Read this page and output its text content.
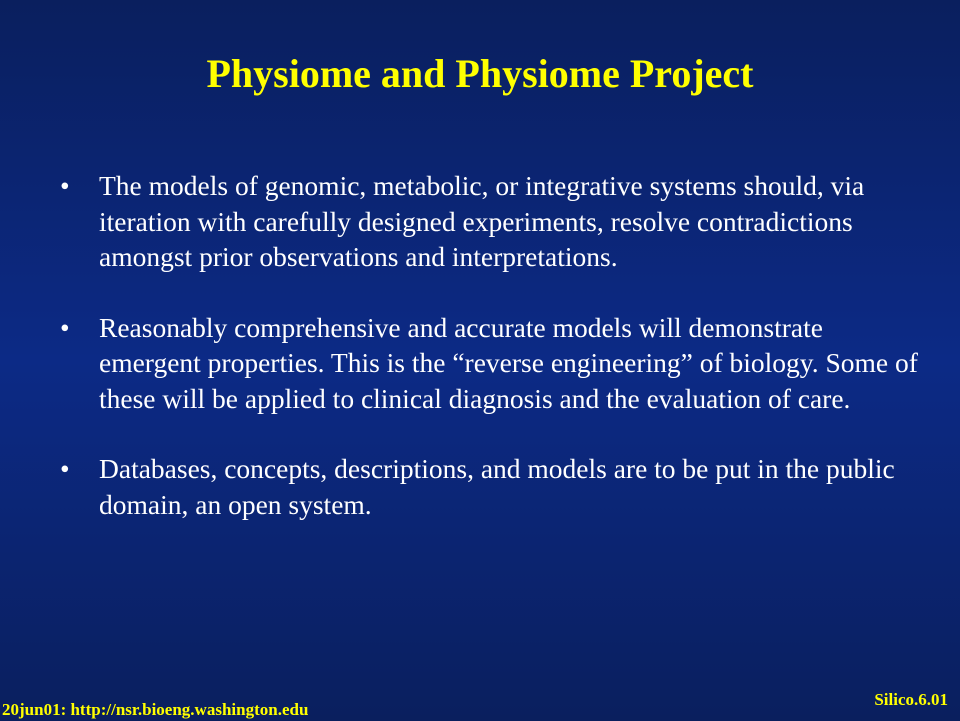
Physiome and Physiome Project
•	The models of genomic, metabolic, or integrative systems should, via iteration with carefully designed experiments, resolve contradictions amongst prior observations and interpretations.
•	Reasonably comprehensive and accurate models will demonstrate emergent properties. This is the “reverse engineering” of biology. Some of these will be applied to clinical diagnosis and the evaluation of care.
•	Databases, concepts, descriptions, and models are to be put in the public domain, an open system.
20jun01: http://nsr.bioeng.washington.edu
Silico.6.01
